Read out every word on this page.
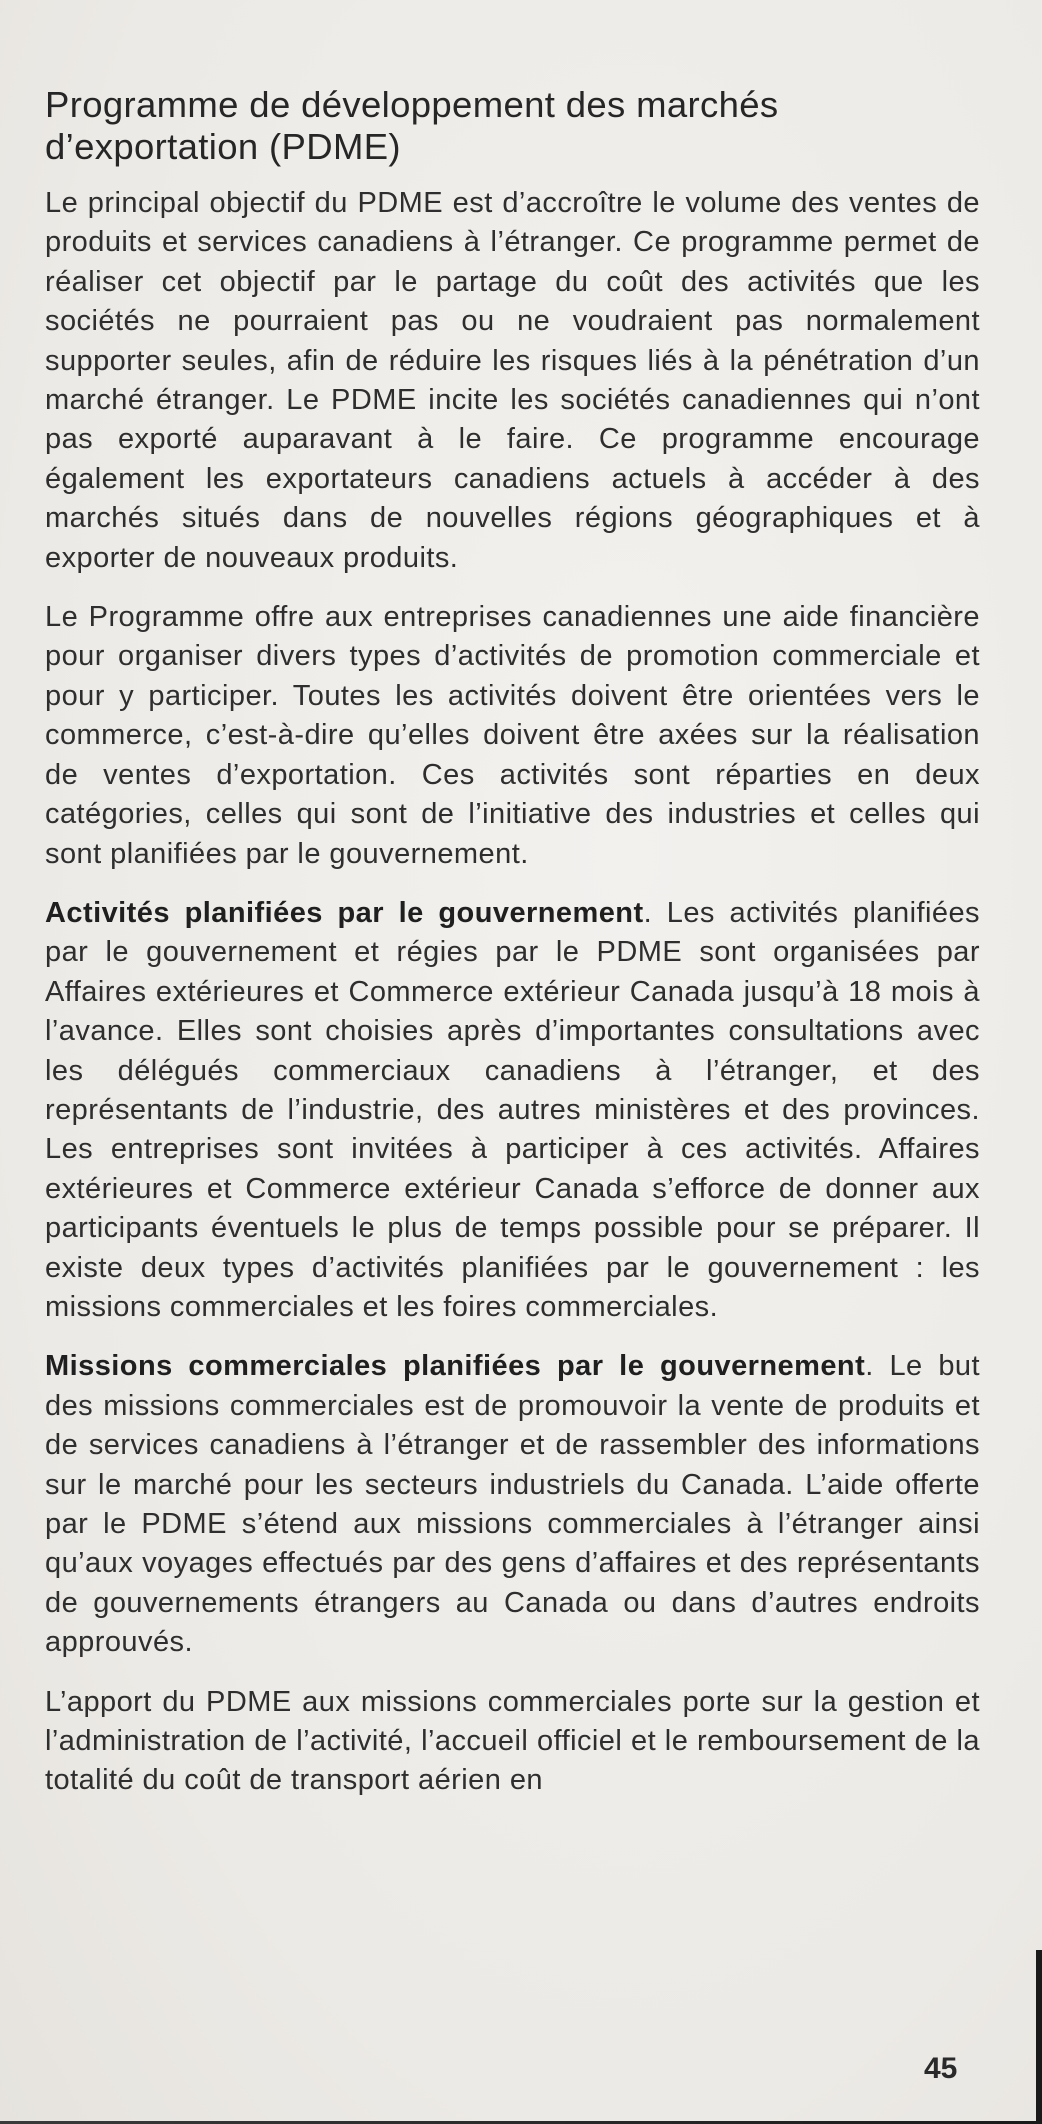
Programme de développement des marchés d’exportation (PDME)

Le principal objectif du PDME est d’accroître le volume des ventes de produits et services canadiens à l’étranger. Ce programme permet de réaliser cet objectif par le partage du coût des activités que les sociétés ne pourraient pas ou ne voudraient pas normalement supporter seules, afin de réduire les risques liés à la pénétration d’un marché étranger. Le PDME incite les sociétés canadiennes qui n’ont pas exporté auparavant à le faire. Ce programme encourage également les exportateurs canadiens actuels à accéder à des marchés situés dans de nouvelles régions géographiques et à exporter de nouveaux produits.

Le Programme offre aux entreprises canadiennes une aide financière pour organiser divers types d’activités de promotion commerciale et pour y participer. Toutes les activités doivent être orientées vers le commerce, c’est-à-dire qu’elles doivent être axées sur la réalisation de ventes d’exportation. Ces activités sont réparties en deux catégories, celles qui sont de l’initiative des industries et celles qui sont planifiées par le gouvernement.

Activités planifiées par le gouvernement. Les activités planifiées par le gouvernement et régies par le PDME sont organisées par Affaires extérieures et Commerce extérieur Canada jusqu’à 18 mois à l’avance. Elles sont choisies après d’importantes consultations avec les délégués commerciaux canadiens à l’étranger, et des représentants de l’industrie, des autres ministères et des provinces. Les entreprises sont invitées à participer à ces activités. Affaires extérieures et Commerce extérieur Canada s’efforce de donner aux participants éventuels le plus de temps possible pour se préparer. Il existe deux types d’activités planifiées par le gouvernement : les missions commerciales et les foires commerciales.

Missions commerciales planifiées par le gouvernement. Le but des missions commerciales est de promouvoir la vente de produits et de services canadiens à l’étranger et de rassembler des informations sur le marché pour les secteurs industriels du Canada. L’aide offerte par le PDME s’étend aux missions commerciales à l’étranger ainsi qu’aux voyages effectués par des gens d’affaires et des représentants de gouvernements étrangers au Canada ou dans d’autres endroits approuvés.

L’apport du PDME aux missions commerciales porte sur la gestion et l’administration de l’activité, l’accueil officiel et le remboursement de la totalité du coût de transport aérien en

45
